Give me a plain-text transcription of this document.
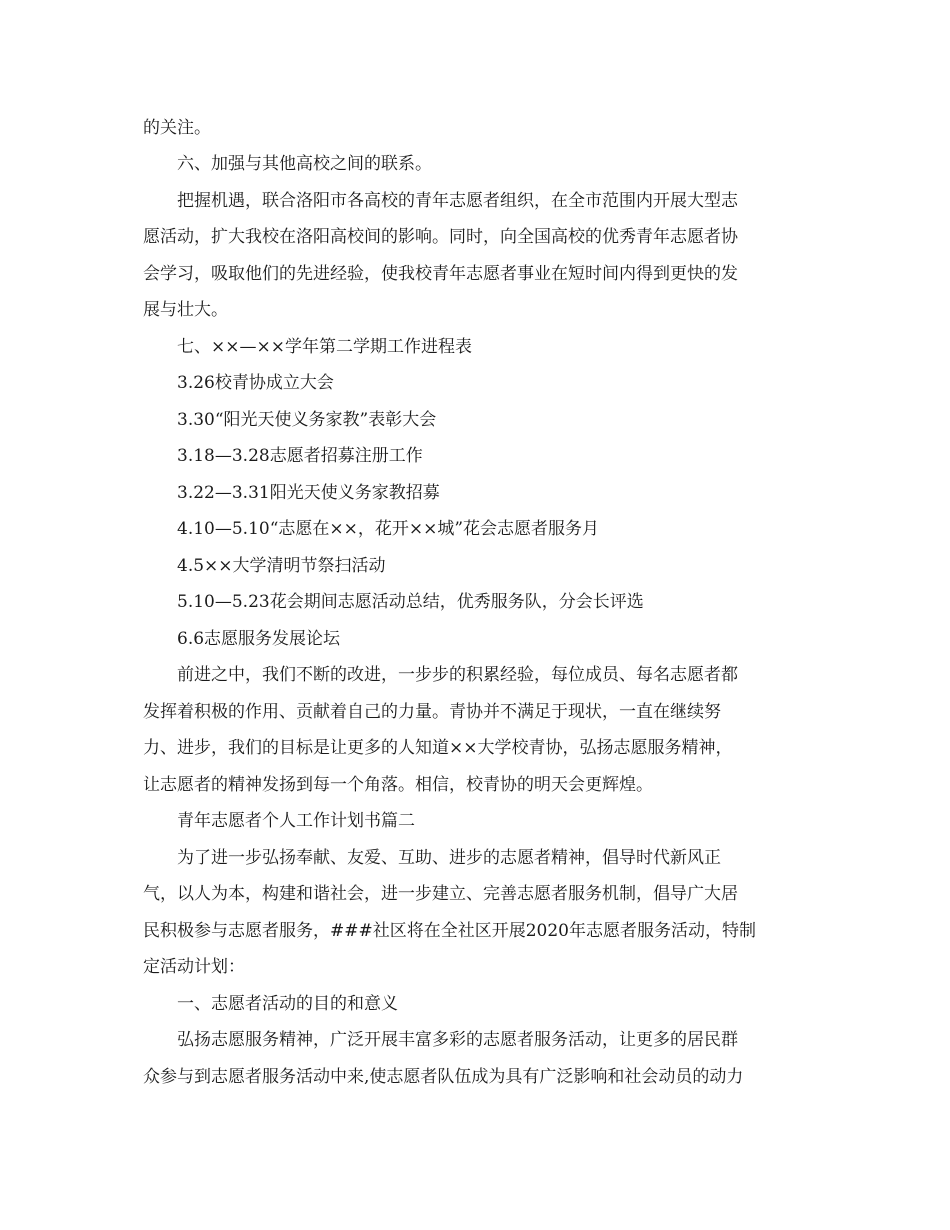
的关注。
六、加强与其他高校之间的联系。
把握机遇，联合洛阳市各高校的青年志愿者组织，在全市范围内开展大型志
愿活动，扩大我校在洛阳高校间的影响。同时，向全国高校的优秀青年志愿者协
会学习，吸取他们的先进经验，使我校青年志愿者事业在短时间内得到更快的发
展与壮大。
七、××—××学年第二学期工作进程表
3.26校青协成立大会
3.30“阳光天使义务家教”表彰大会
3.18—3.28志愿者招募注册工作
3.22—3.31阳光天使义务家教招募
4.10—5.10“志愿在××，花开××城”花会志愿者服务月
4.5××大学清明节祭扫活动
5.10—5.23花会期间志愿活动总结，优秀服务队，分会长评选
6.6志愿服务发展论坛
前进之中，我们不断的改进，一步步的积累经验，每位成员、每名志愿者都
发挥着积极的作用、贡献着自己的力量。青协并不满足于现状，一直在继续努
力、进步，我们的目标是让更多的人知道××大学校青协，弘扬志愿服务精神，
让志愿者的精神发扬到每一个角落。相信，校青协的明天会更辉煌。
青年志愿者个人工作计划书篇二
为了进一步弘扬奉献、友爱、互助、进步的志愿者精神，倡导时代新风正
气，以人为本，构建和谐社会，进一步建立、完善志愿者服务机制，倡导广大居
民积极参与志愿者服务，###社区将在全社区开展2020年志愿者服务活动，特制
定活动计划：
一、志愿者活动的目的和意义
弘扬志愿服务精神，广泛开展丰富多彩的志愿者服务活动，让更多的居民群
众参与到志愿者服务活动中来,使志愿者队伍成为具有广泛影响和社会动员的动力
